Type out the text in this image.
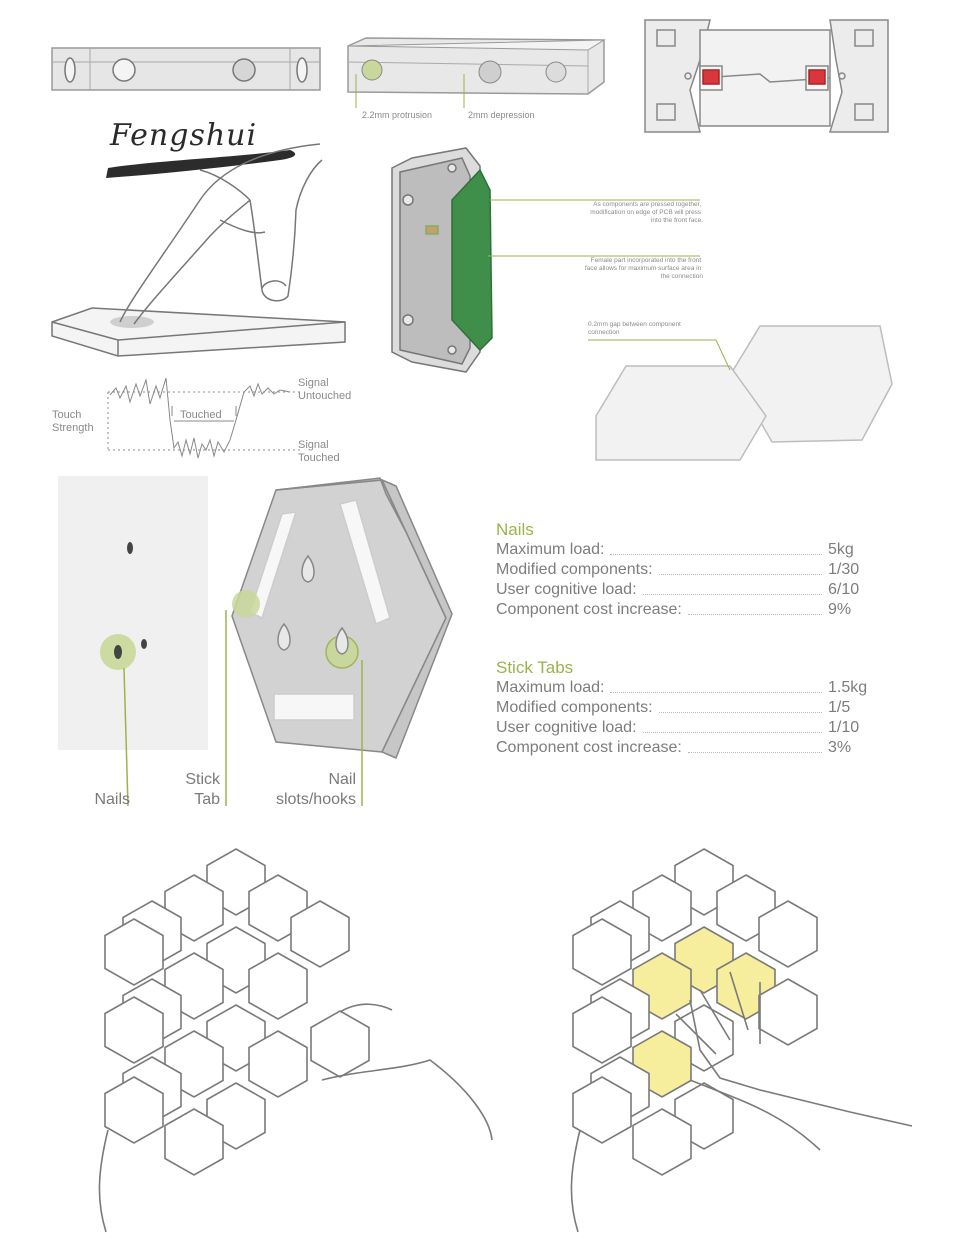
2.2mm protrusion	2mm depression
Touch
Strength
Touched
Signal
Untouched
Signal
Touched
As components are pressed together, modification on edge of PCB will press into the front face.
Female part incorporated into the front face allows for maximum surface area in the connection
0.2mm gap between component connection
Fengshui
Nails
Stick
Tab
Nail
slots/hooks
Nails
Maximum load:	5kg
Modified components:	1/30
User cognitive load:	6/10
Component cost increase:	9%
Stick Tabs
Maximum load:	1.5kg
Modified components:	1/5
User cognitive load:	1/10
Component cost increase:	3%
